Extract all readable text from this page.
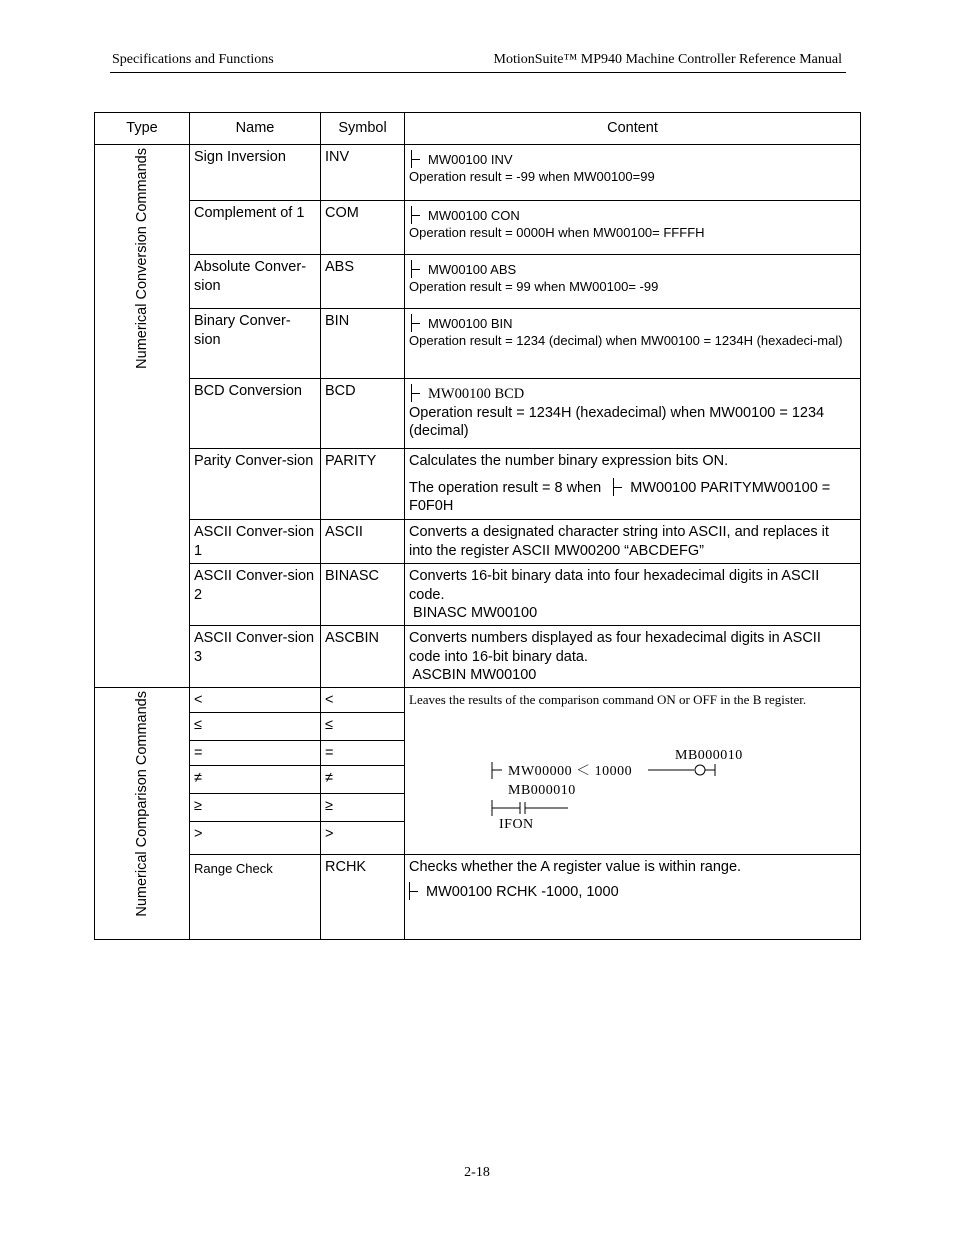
Specifications and Functions	MotionSuite™ MP940 Machine Controller Reference Manual
Type	Name	Symbol	Content
Numerical Conversion Commands	Sign Inversion	INV	MW00100 INV
Operation result = -99 when MW00100=99

	Complement of 1	COM	MW00100 CON
Operation result = 0000H when MW00100= FFFFH

	Absolute Conver-sion	ABS	MW00100 ABS
Operation result = 99 when MW00100= -99

	Binary Conver-sion	BIN	MW00100 BIN
Operation result = 1234 (decimal) when MW00100 = 1234H (hexadeci-mal)

	BCD Conversion	BCD	MW00100 BCD
Operation result = 1234H (hexadecimal) when MW00100 = 1234 (decimal)

	Parity Conver-sion	PARITY	Calculates the number binary expression bits ON.
The operation result = 8 when MW00100 PARITYMW00100 = F0F0H

	ASCII Conver-sion 1	ASCII	Converts a designated character string into ASCII, and replaces it into the register ASCII MW00200 “ABCDEFG”
	ASCII Conver-sion 2	BINASC	Converts 16-bit binary data into four hexadecimal digits in ASCII code.
BINASC MW00100

	ASCII Conver-sion 3	ASCBIN	Converts numbers displayed as four hexadecimal digits in ASCII code into 16-bit binary data.
ASCBIN MW00100

Numerical Comparison Commands	<	<	Leaves the results of the comparison command ON or OFF in the B register.
MB000010
MW00000 ＜ 10000
MB000010
IFON

	≤	≤	
	=	=	
	≠	≠	
	≥	≥	
	>	>	
	Range Check	RCHK	Checks whether the A register value is within range.
MW00100 RCHK -1000, 1000
2-18
